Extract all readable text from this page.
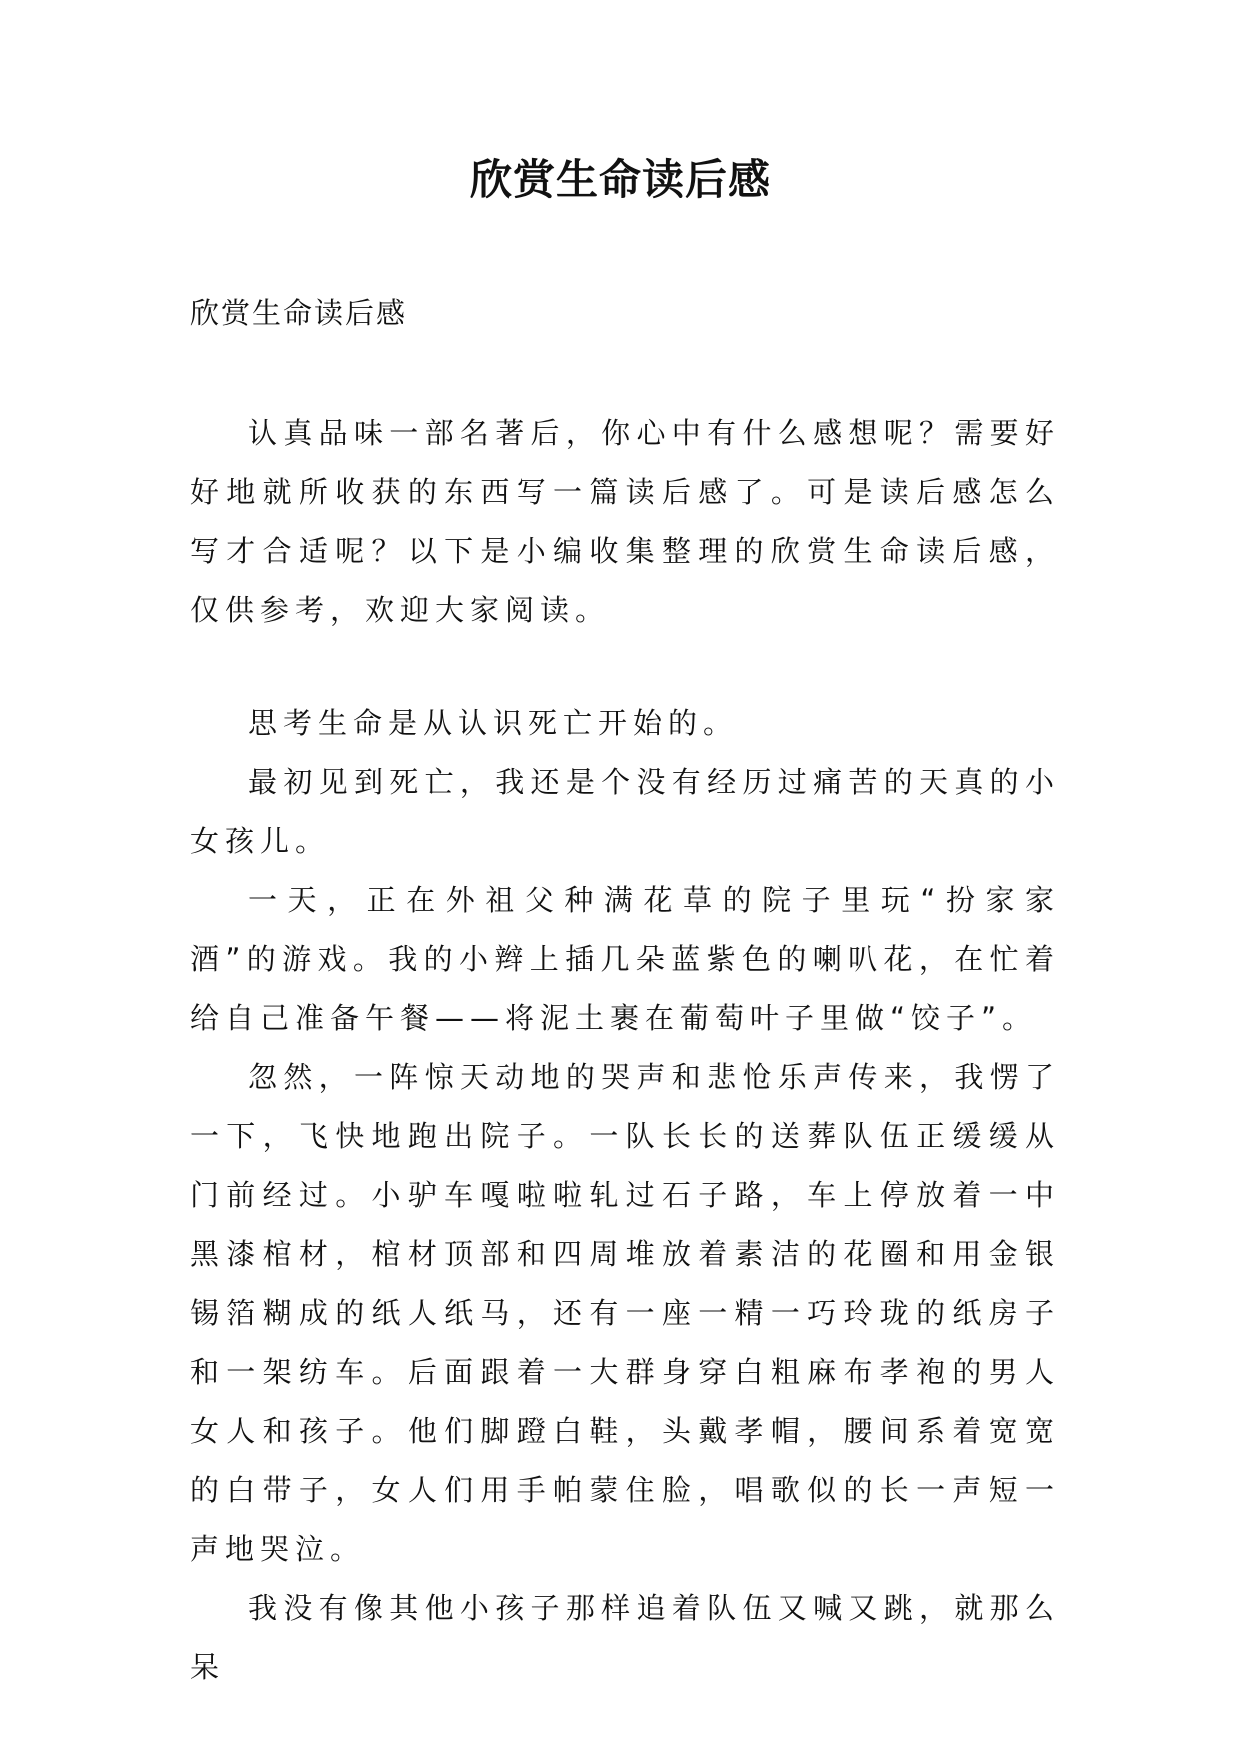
欣赏生命读后感
欣赏生命读后感

认真品味一部名著后，你心中有什么感想呢？需要好好地就所收获的东西写一篇读后感了。可是读后感怎么写才合适呢？以下是小编收集整理的欣赏生命读后感，仅供参考，欢迎大家阅读。

思考生命是从认识死亡开始的。

最初见到死亡，我还是个没有经历过痛苦的天真的小女孩儿。

一天，正在外祖父种满花草的院子里玩“扮家家酒”的游戏。我的小辫上插几朵蓝紫色的喇叭花，在忙着给自己准备午餐——将泥土裹在葡萄叶子里做“饺子”。

忽然，一阵惊天动地的哭声和悲怆乐声传来，我愣了一下，飞快地跑出院子。一队长长的送葬队伍正缓缓从门前经过。小驴车嘎啦啦轧过石子路，车上停放着一中黑漆棺材，棺材顶部和四周堆放着素洁的花圈和用金银锡箔糊成的纸人纸马，还有一座一精一巧玲珑的纸房子和一架纺车。后面跟着一大群身穿白粗麻布孝袍的男人女人和孩子。他们脚蹬白鞋，头戴孝帽，腰间系着宽宽的白带子，女人们用手帕蒙住脸，唱歌似的长一声短一声地哭泣。

我没有像其他小孩子那样追着队伍又喊又跳，就那么呆
